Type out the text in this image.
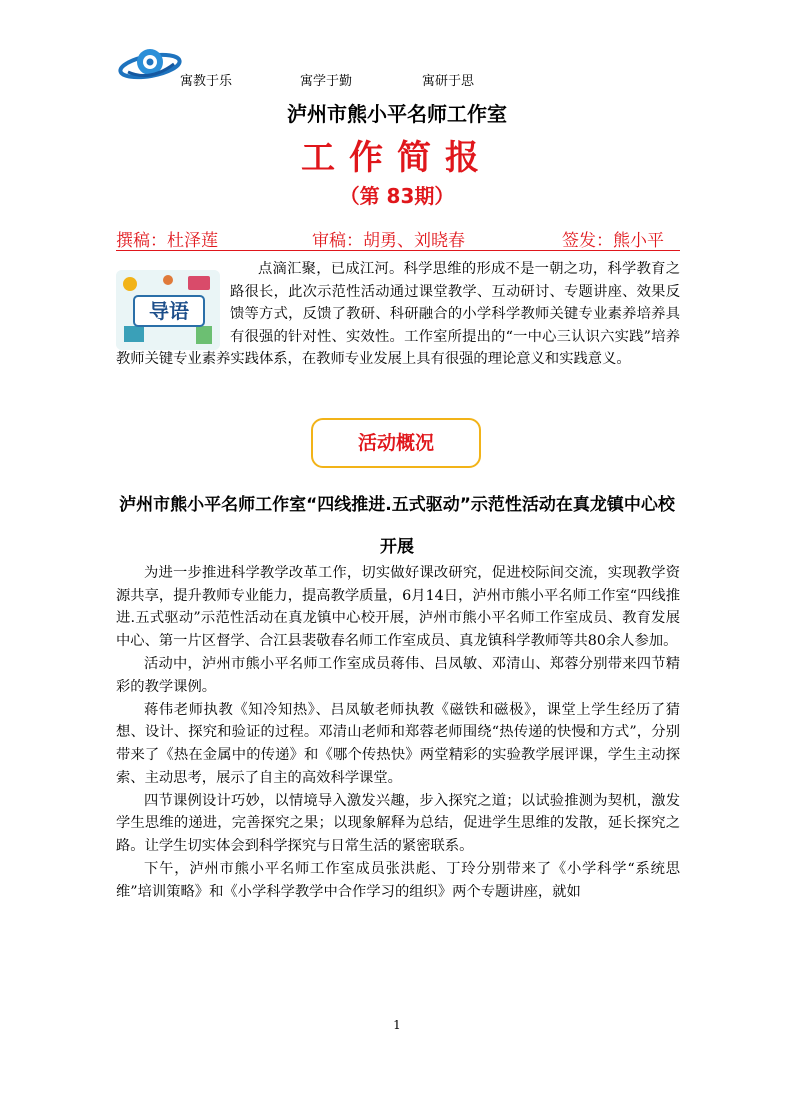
寓教于乐	寓学于勤	寓研于思
泸州市熊小平名师工作室
工作简报
（第 83期）
撰稿：杜泽莲	审稿：胡勇、刘晓春	签发：熊小平
导语

点滴汇聚，已成江河。科学思维的形成不是一朝之功，科学教育之路很长，此次示范性活动通过课堂教学、互动研讨、专题讲座、效果反馈等方式，反馈了教研、科研融合的小学科学教师关键专业素养培养具有很强的针对性、实效性。工作室所提出的“一中心三认识六实践”培养教师关键专业素养实践体系，在教师专业发展上具有很强的理论意义和实践意义。

活动概况
泸州市熊小平名师工作室“四线推进.五式驱动”示范性活动在真龙镇中心校开展

为进一步推进科学教学改革工作，切实做好课改研究，促进校际间交流，实现教学资源共享，提升教师专业能力，提高教学质量，6月14日，泸州市熊小平名师工作室“四线推进.五式驱动”示范性活动在真龙镇中心校开展，泸州市熊小平名师工作室成员、教育发展中心、第一片区督学、合江县裴敬春名师工作室成员、真龙镇科学教师等共80余人参加。

活动中，泸州市熊小平名师工作室成员蒋伟、吕凤敏、邓清山、郑蓉分别带来四节精彩的教学课例。

蒋伟老师执教《知冷知热》、吕凤敏老师执教《磁铁和磁极》，课堂上学生经历了猜想、设计、探究和验证的过程。邓清山老师和郑蓉老师围绕“热传递的快慢和方式”，分别带来了《热在金属中的传递》和《哪个传热快》两堂精彩的实验教学展评课，学生主动探索、主动思考，展示了自主的高效科学课堂。

四节课例设计巧妙，以情境导入激发兴趣，步入探究之道；以试验推测为契机，激发学生思维的递进，完善探究之果；以现象解释为总结，促进学生思维的发散，延长探究之路。让学生切实体会到科学探究与日常生活的紧密联系。

下午，泸州市熊小平名师工作室成员张洪彪、丁玲分别带来了《小学科学“系统思维”培训策略》和《小学科学教学中合作学习的组织》两个专题讲座，就如

1
